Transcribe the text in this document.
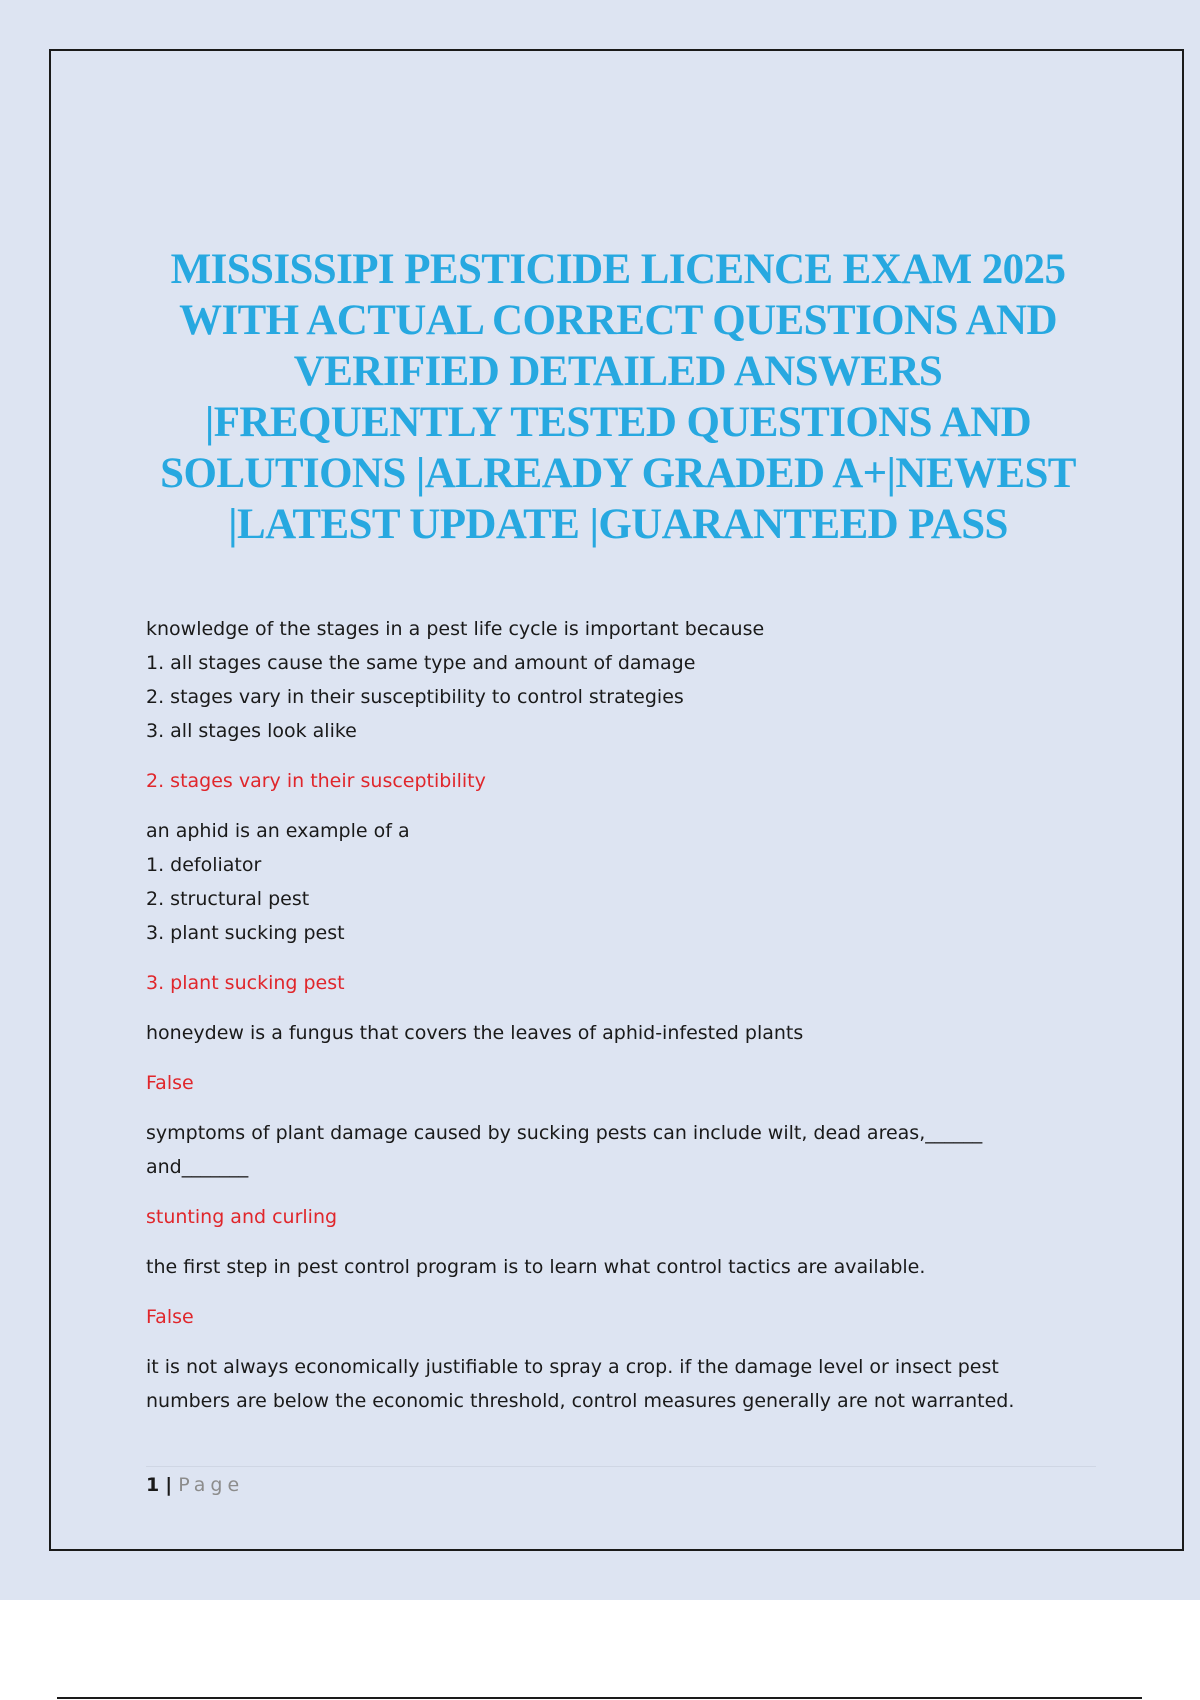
MISSISSIPI PESTICIDE LICENCE EXAM 2025
WITH ACTUAL CORRECT QUESTIONS AND
VERIFIED DETAILED ANSWERS
|FREQUENTLY TESTED QUESTIONS AND
SOLUTIONS |ALREADY GRADED A+|NEWEST
|LATEST UPDATE |GUARANTEED PASS
knowledge of the stages in a pest life cycle is important because
1. all stages cause the same type and amount of damage
2. stages vary in their susceptibility to control strategies
3. all stages look alike
2. stages vary in their susceptibility
an aphid is an example of a
1. defoliator
2. structural pest
3. plant sucking pest
3. plant sucking pest
honeydew is a fungus that covers the leaves of aphid-infested plants
False
symptoms of plant damage caused by sucking pests can include wilt, dead areas,______
and_______
stunting and curling
the first step in pest control program is to learn what control tactics are available.
False
it is not always economically justifiable to spray a crop. if the damage level or insect pest
numbers are below the economic threshold, control measures generally are not warranted.
1 | Page
